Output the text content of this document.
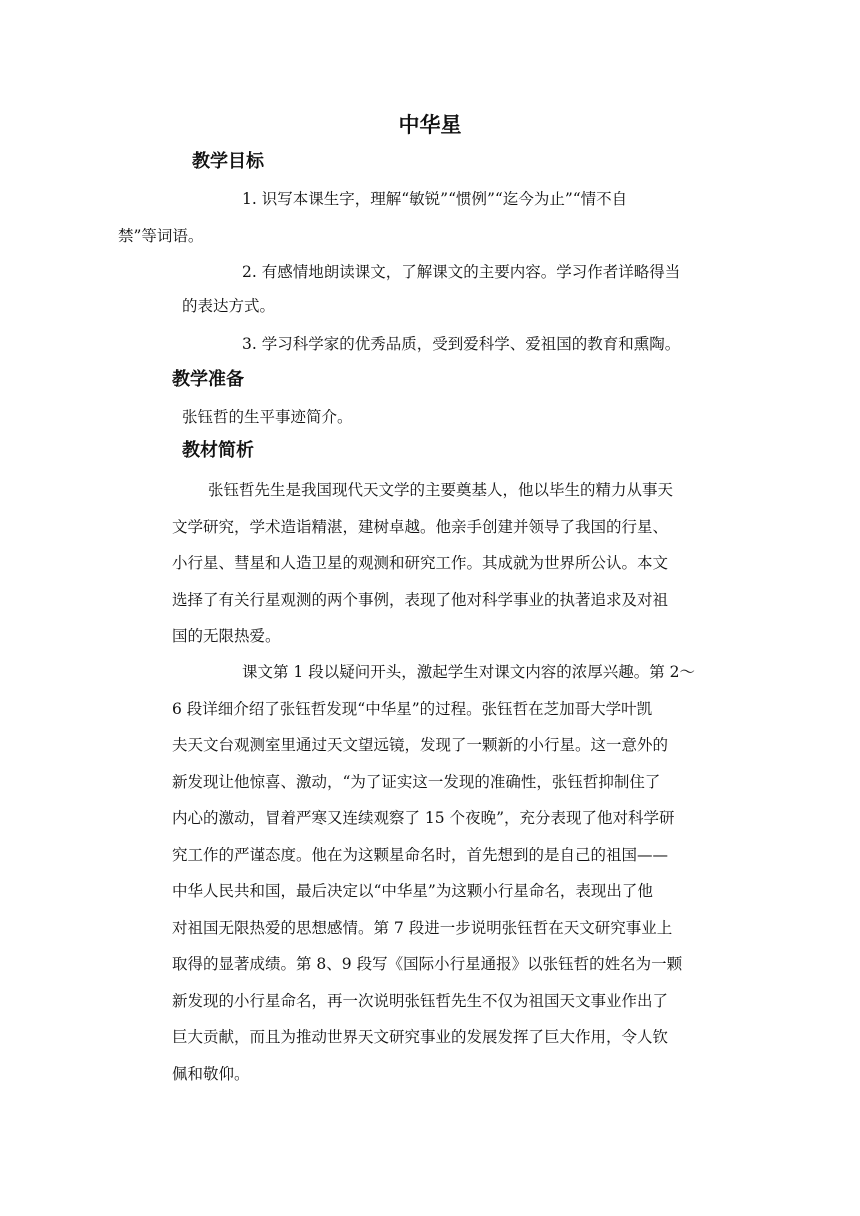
中华星
教学目标
1. 识写本课生字，理解“敏锐”“惯例”“迄今为止”“情不自
禁”等词语。
2. 有感情地朗读课文，了解课文的主要内容。学习作者详略得当
的表达方式。
3. 学习科学家的优秀品质，受到爱科学、爱祖国的教育和熏陶。
教学准备
张钰哲的生平事迹简介。
教材简析
张钰哲先生是我国现代天文学的主要奠基人，他以毕生的精力从事天
文学研究，学术造诣精湛，建树卓越。他亲手创建并领导了我国的行星、
小行星、彗星和人造卫星的观测和研究工作。其成就为世界所公认。本文
选择了有关行星观测的两个事例，表现了他对科学事业的执著追求及对祖
国的无限热爱。
课文第 1 段以疑问开头，激起学生对课文内容的浓厚兴趣。第 2～
6 段详细介绍了张钰哲发现“中华星”的过程。张钰哲在芝加哥大学叶凯
夫天文台观测室里通过天文望远镜，发现了一颗新的小行星。这一意外的
新发现让他惊喜、激动，“为了证实这一发现的准确性，张钰哲抑制住了
内心的激动，冒着严寒又连续观察了 15 个夜晚”，充分表现了他对科学研
究工作的严谨态度。他在为这颗星命名时，首先想到的是自己的祖国——
中华人民共和国，最后决定以“中华星”为这颗小行星命名，表现出了他
对祖国无限热爱的思想感情。第 7 段进一步说明张钰哲在天文研究事业上
取得的显著成绩。第 8、9 段写《国际小行星通报》以张钰哲的姓名为一颗
新发现的小行星命名，再一次说明张钰哲先生不仅为祖国天文事业作出了
巨大贡献，而且为推动世界天文研究事业的发展发挥了巨大作用，令人钦
佩和敬仰。
